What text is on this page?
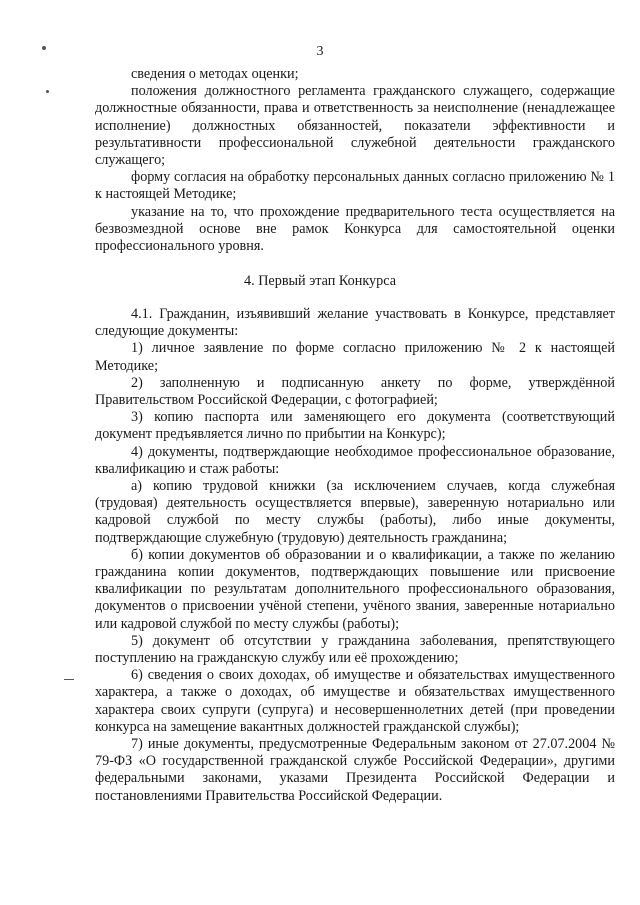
3

сведения о методах оценки;

положения должностного регламента гражданского служащего, содержащие должностные обязанности, права и ответственность за неисполнение (ненадлежащее исполнение) должностных обязанностей, показатели эффективности и результативности профессиональной служебной деятельности гражданского служащего;

форму согласия на обработку персональных данных согласно приложению № 1 к настоящей Методике;

указание на то, что прохождение предварительного теста осуществляется на безвозмездной основе вне рамок Конкурса для самостоятельной оценки профессионального уровня.

4. Первый этап Конкурса

4.1. Гражданин, изъявивший желание участвовать в Конкурсе, представляет следующие документы:

1) личное заявление по форме согласно приложению № 2 к настоящей Методике;

2) заполненную и подписанную анкету по форме, утверждённой Правительством Российской Федерации, с фотографией;

3) копию паспорта или заменяющего его документа (соответствующий документ предъявляется лично по прибытии на Конкурс);

4) документы, подтверждающие необходимое профессиональное образование, квалификацию и стаж работы:

а) копию трудовой книжки (за исключением случаев, когда служебная (трудовая) деятельность осуществляется впервые), заверенную нотариально или кадровой службой по месту службы (работы), либо иные документы, подтверждающие служебную (трудовую) деятельность гражданина;

б) копии документов об образовании и о квалификации, а также по желанию гражданина копии документов, подтверждающих повышение или присвоение квалификации по результатам дополнительного профессионального образования, документов о присвоении учёной степени, учёного звания, заверенные нотариально или кадровой службой по месту службы (работы);

5) документ об отсутствии у гражданина заболевания, препятствующего поступлению на гражданскую службу или её прохождению;

6) сведения о своих доходах, об имуществе и обязательствах имущественного характера, а также о доходах, об имуществе и обязательствах имущественного характера своих супруги (супруга) и несовершеннолетних детей (при проведении конкурса на замещение вакантных должностей гражданской службы);

7) иные документы, предусмотренные Федеральным законом от 27.07.2004 № 79-ФЗ «О государственной гражданской службе Российской Федерации», другими федеральными законами, указами Президента Российской Федерации и постановлениями Правительства Российской Федерации.
